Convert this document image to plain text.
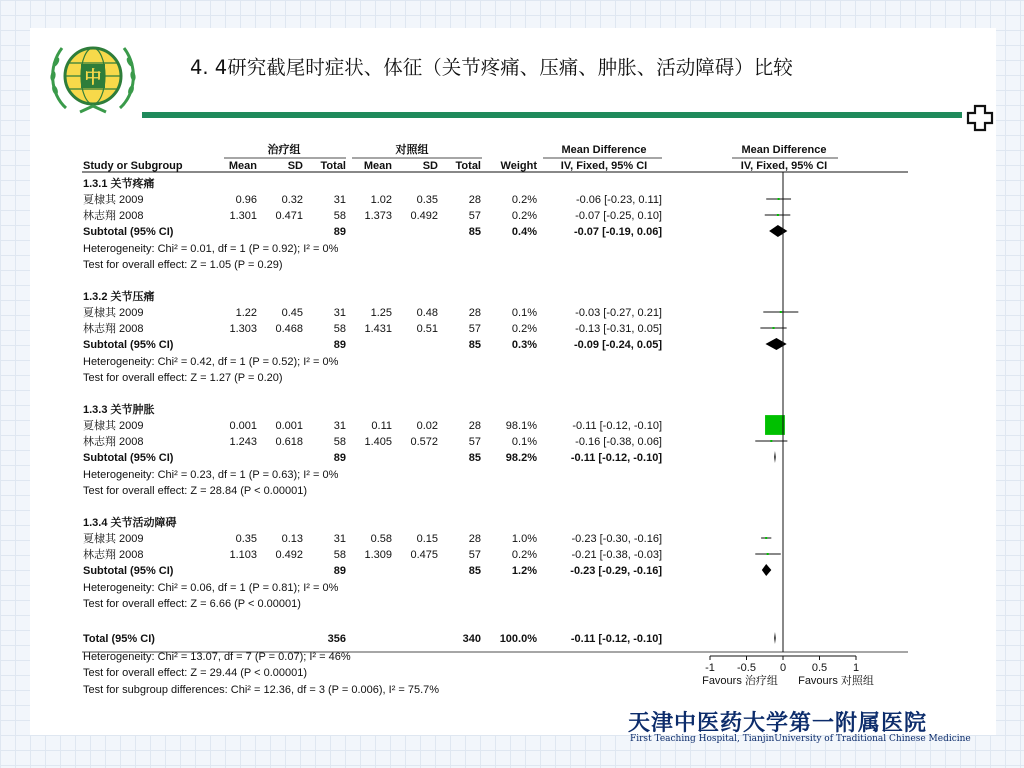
中	4. 4研究截尾时症状、体征（关节疼痛、压痛、肿胀、活动障碍）比较
治疗组	对照组	Mean Difference	Mean Difference
Study or Subgroup	Mean	SD Total Mean	SD Total Weight IV, Fixed, 95% CI	IV, Fixed, 95% CI
1.3.1 关节疼痛
夏棣其 2009	0.96 0.32	31 1.02 0.35	28	0.2%	-0.06 [-0.23, 0.11]
林志翔 2008	1.301 0.471	58 1.373 0.492	57	0.2%	-0.07 [-0.25, 0.10]
Subtotal (95% CI)	89	85	0.4%	-0.07 [-0.19, 0.06]
Heterogeneity: Chi² = 0.01, df = 1 (P = 0.92); I² = 0%
Test for overall effect: Z = 1.05 (P = 0.29)
1.3.2 关节压痛
夏棣其 2009	1.22 0.45	31 1.25 0.48	28	0.1%	-0.03 [-0.27, 0.21]
林志翔 2008	1.303 0.468	58 1.431 0.51	57	0.2%	-0.13 [-0.31, 0.05]
Subtotal (95% CI)	89	85	0.3%	-0.09 [-0.24, 0.05]
Heterogeneity: Chi² = 0.42, df = 1 (P = 0.52); I² = 0%
Test for overall effect: Z = 1.27 (P = 0.20)
1.3.3 关节肿胀
夏棣其 2009	0.001 0.001	31 0.11 0.02	28 98.1%	-0.11 [-0.12, -0.10]
林志翔 2008	1.243 0.618	58 1.405 0.572	57	0.1%	-0.16 [-0.38, 0.06]
Subtotal (95% CI)	89	85 98.2%	-0.11 [-0.12, -0.10]
Heterogeneity: Chi² = 0.23, df = 1 (P = 0.63); I² = 0%
Test for overall effect: Z = 28.84 (P < 0.00001)
1.3.4 关节活动障碍
夏棣其 2009	0.35 0.13	31 0.58 0.15	28	1.0%	-0.23 [-0.30, -0.16]
林志翔 2008	1.103 0.492	58 1.309 0.475	57	0.2%	-0.21 [-0.38, -0.03]
Subtotal (95% CI)	89	85	1.2%	-0.23 [-0.29, -0.16]
Heterogeneity: Chi² = 0.06, df = 1 (P = 0.81); I² = 0%
Test for overall effect: Z = 6.66 (P < 0.00001)
Total (95% CI)	356	340 100.0%	-0.11 [-0.12, -0.10]
Heterogeneity: Chi² = 13.07, df = 7 (P = 0.07); I² = 46%
Test for overall effect: Z = 29.44 (P < 0.00001)
Test for subgroup differences: Chi² = 12.36, df = 3 (P = 0.006), I² = 75.7%
-1 -0.5 0 0.5 1
Favours 治疗组 Favours 对照组
天津中医药大学第一附属医院
First Teaching Hospital, TianjinUniversity of Traditional Chinese Medicine
